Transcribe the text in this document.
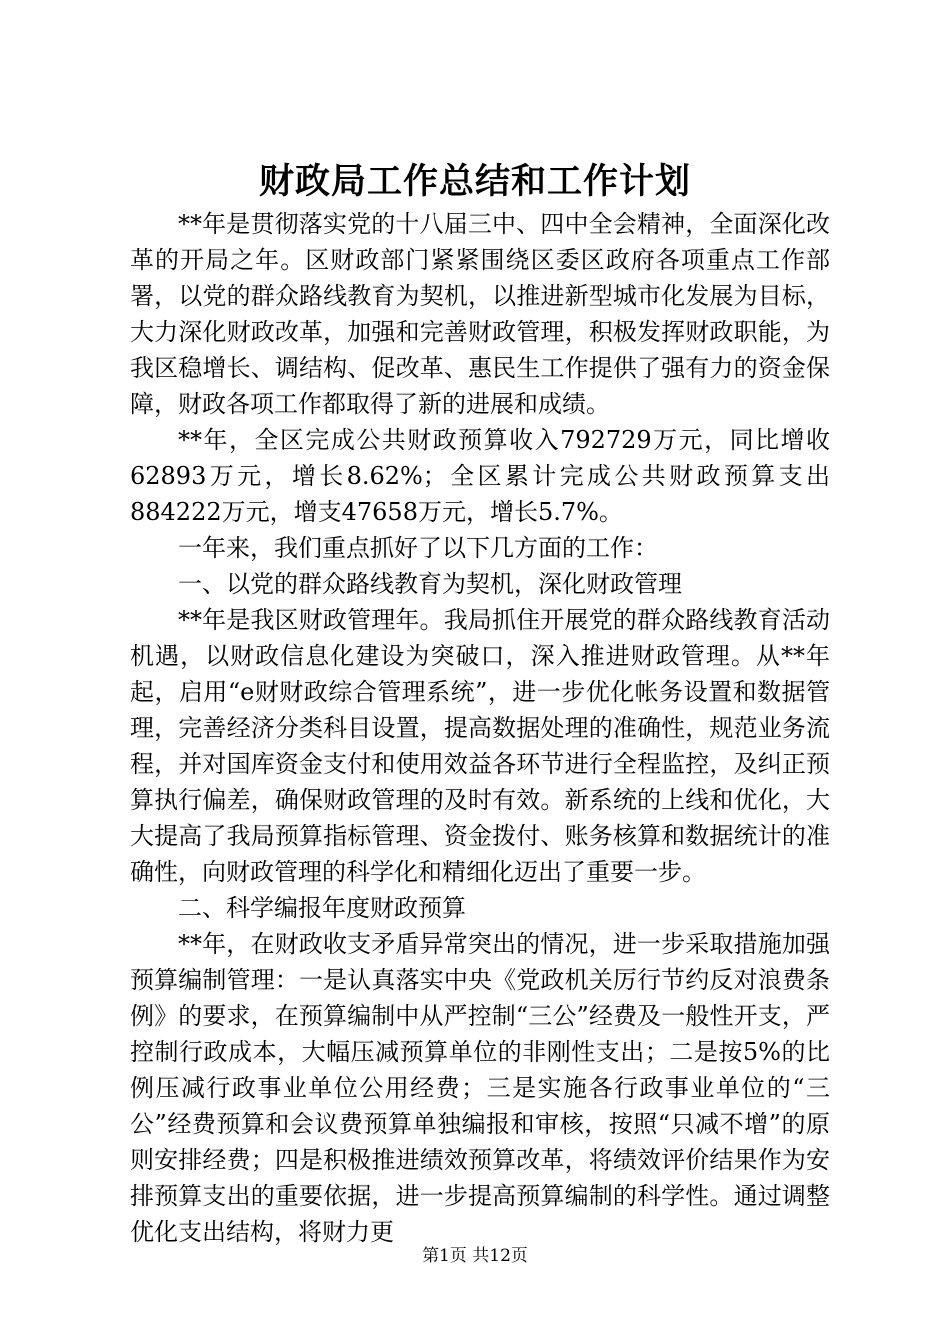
财政局工作总结和工作计划

**年是贯彻落实党的十八届三中、四中全会精神，全面深化改革的开局之年。区财政部门紧紧围绕区委区政府各项重点工作部署，以党的群众路线教育为契机，以推进新型城市化发展为目标，大力深化财政改革，加强和完善财政管理，积极发挥财政职能，为我区稳增长、调结构、促改革、惠民生工作提供了强有力的资金保障，财政各项工作都取得了新的进展和成绩。

**年，全区完成公共财政预算收入792729万元，同比增收62893万元，增长8.62%；全区累计完成公共财政预算支出884222万元，增支47658万元，增长5.7%。

一年来，我们重点抓好了以下几方面的工作：

一、以党的群众路线教育为契机，深化财政管理

**年是我区财政管理年。我局抓住开展党的群众路线教育活动机遇，以财政信息化建设为突破口，深入推进财政管理。从**年起，启用“e财财政综合管理系统”，进一步优化帐务设置和数据管理，完善经济分类科目设置，提高数据处理的准确性，规范业务流程，并对国库资金支付和使用效益各环节进行全程监控，及纠正预算执行偏差，确保财政管理的及时有效。新系统的上线和优化，大大提高了我局预算指标管理、资金拨付、账务核算和数据统计的准确性，向财政管理的科学化和精细化迈出了重要一步。

二、科学编报年度财政预算

**年，在财政收支矛盾异常突出的情况，进一步采取措施加强预算编制管理：一是认真落实中央《党政机关厉行节约反对浪费条例》的要求，在预算编制中从严控制“三公”经费及一般性开支，严控制行政成本，大幅压减预算单位的非刚性支出；二是按5%的比例压减行政事业单位公用经费；三是实施各行政事业单位的“三公”经费预算和会议费预算单独编报和审核，按照“只减不增”的原则安排经费；四是积极推进绩效预算改革，将绩效评价结果作为安排预算支出的重要依据，进一步提高预算编制的科学性。通过调整优化支出结构，将财力更

第1页 共12页
